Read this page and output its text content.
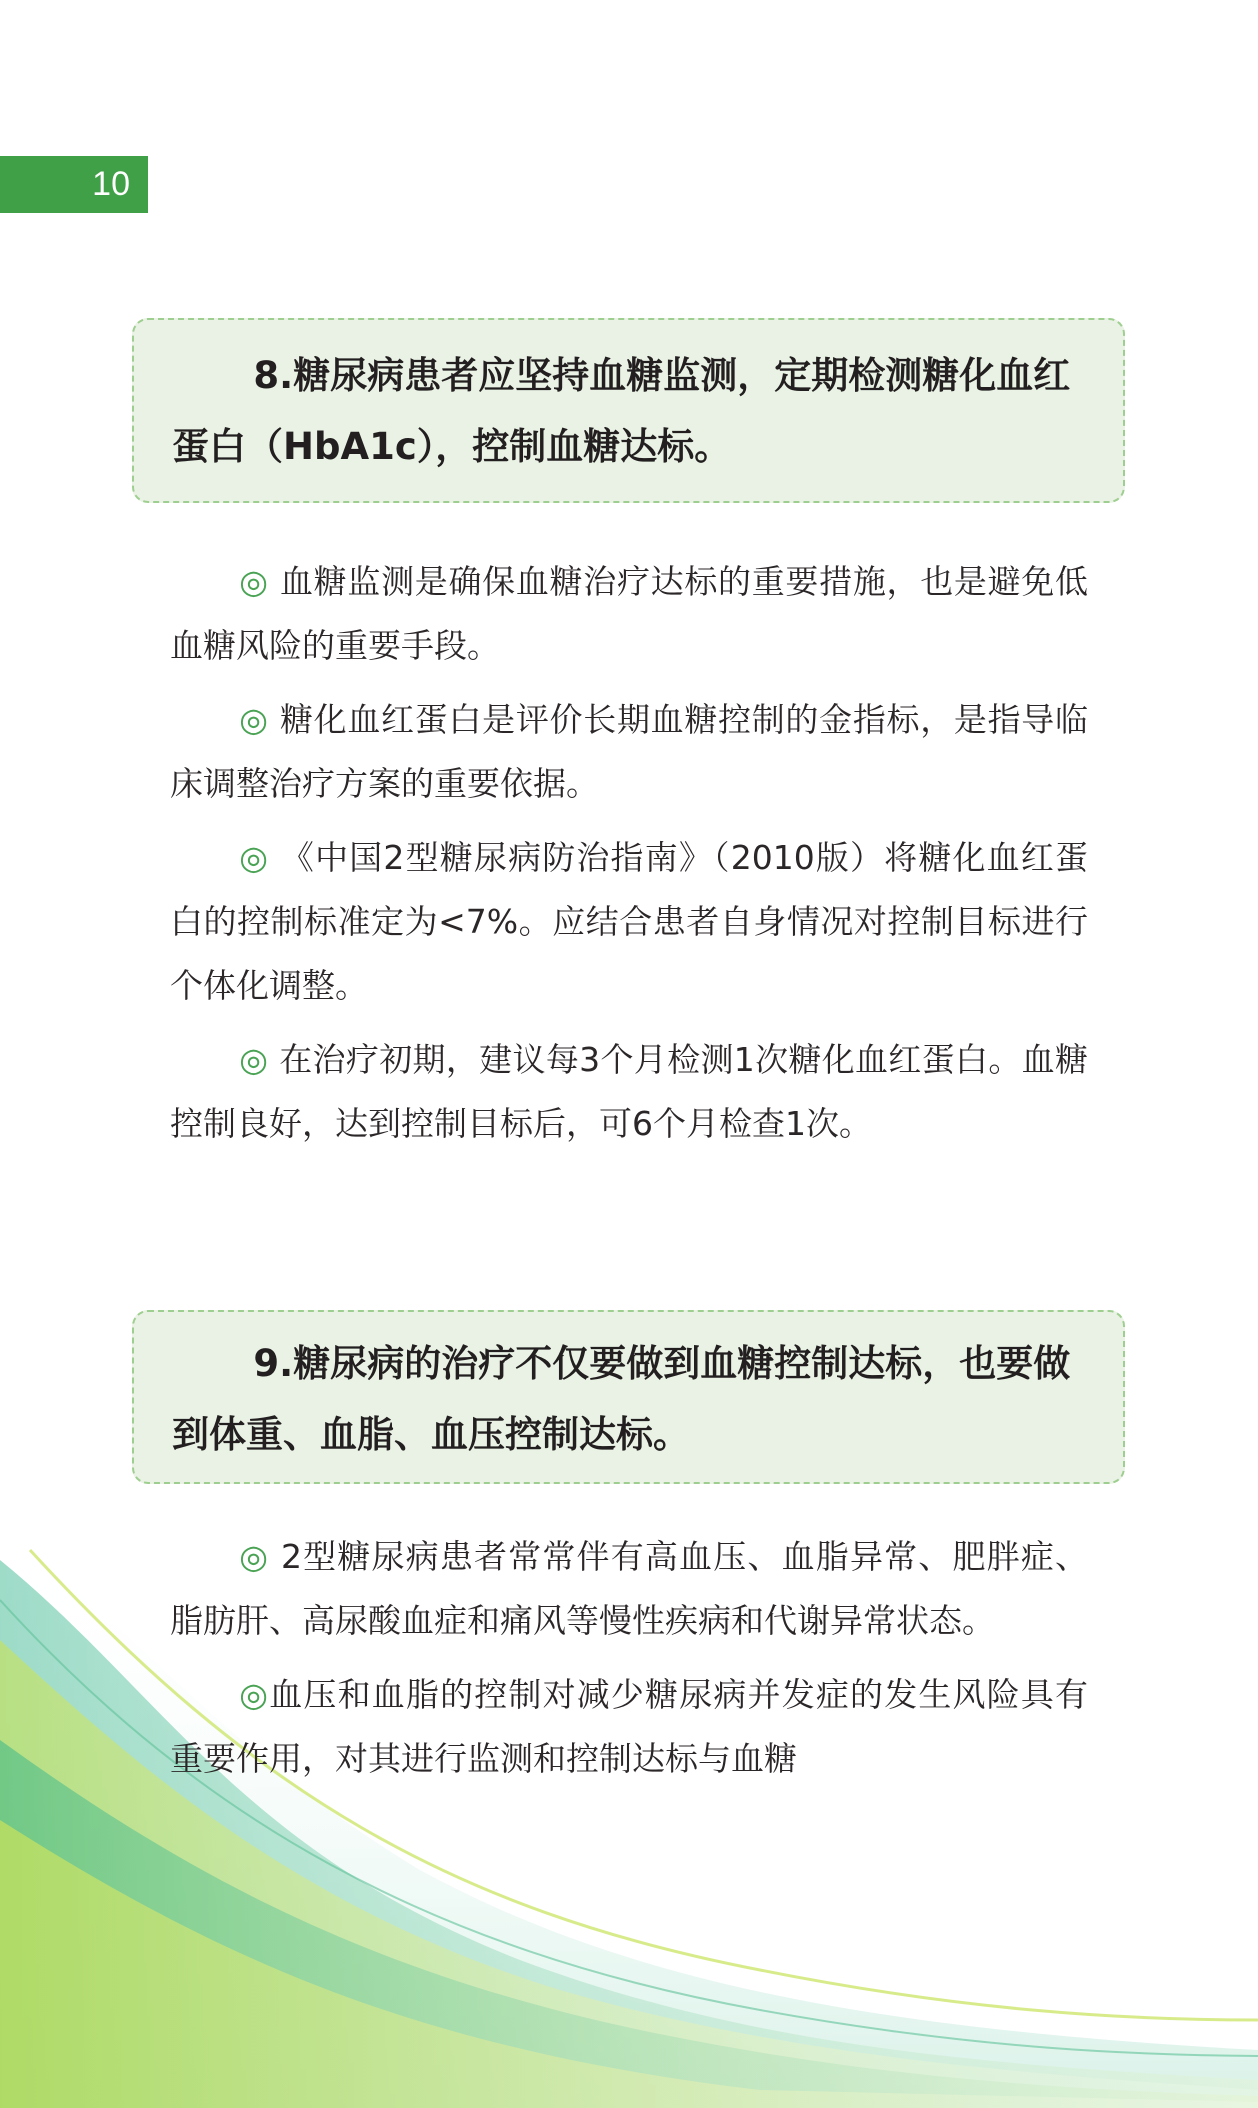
10

8.糖尿病患者应坚持血糖监测，定期检测糖化血红蛋白（HbA1c），控制血糖达标。

◎ 血糖监测是确保血糖治疗达标的重要措施，也是避免低血糖风险的重要手段。

◎ 糖化血红蛋白是评价长期血糖控制的金指标，是指导临床调整治疗方案的重要依据。

◎ 《中国2型糖尿病防治指南》（2010版）将糖化血红蛋白的控制标准定为<7%。应结合患者自身情况对控制目标进行个体化调整。

◎ 在治疗初期，建议每3个月检测1次糖化血红蛋白。血糖控制良好，达到控制目标后，可6个月检查1次。

9.糖尿病的治疗不仅要做到血糖控制达标，也要做到体重、血脂、血压控制达标。

◎ 2型糖尿病患者常常伴有高血压、血脂异常、肥胖症、脂肪肝、高尿酸血症和痛风等慢性疾病和代谢异常状态。

◎血压和血脂的控制对减少糖尿病并发症的发生风险具有重要作用，对其进行监测和控制达标与血糖
